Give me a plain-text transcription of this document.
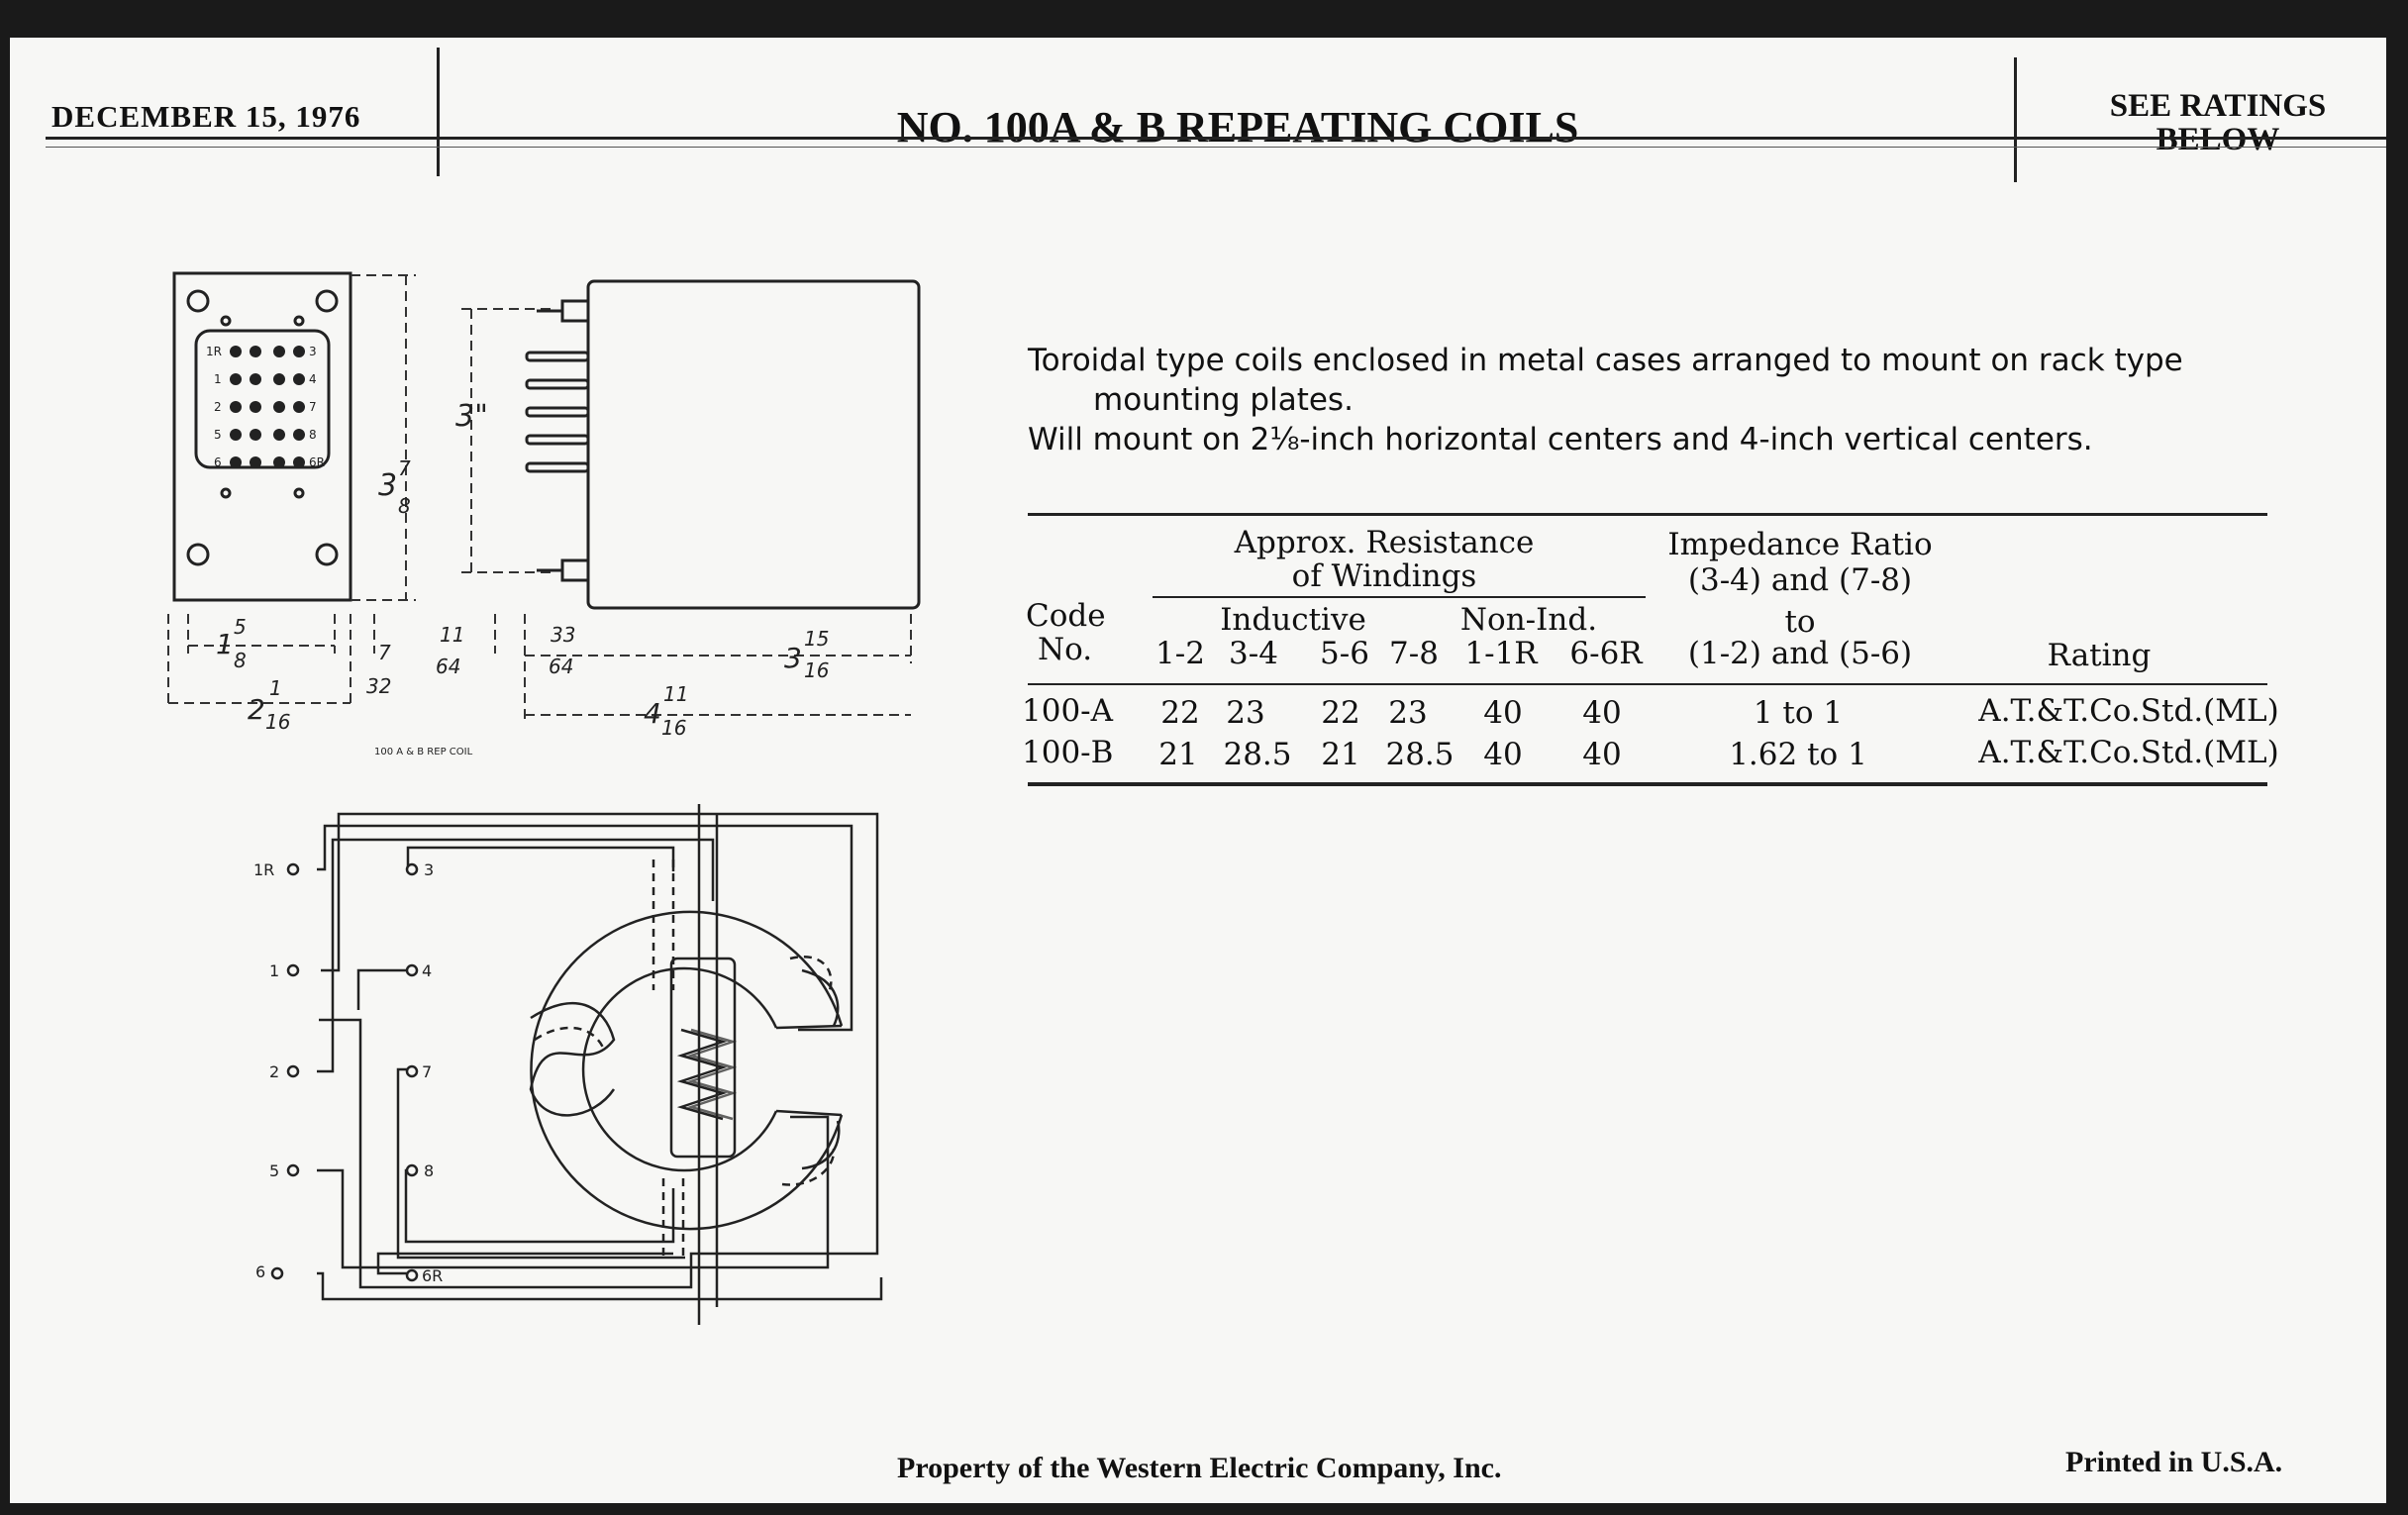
DECEMBER 15, 1976	NO. 100A & B REPEATING COILS	SEE RATINGS
BELOW

Toroidal type coils enclosed in metal cases arranged to mount on rack type

mounting plates.

Will mount on 2⅛-inch horizontal centers and 4-inch vertical centers.

Approx. Resistance
of Windings
Impedance Ratio
(3-4) and (7-8)
to
(1-2) and (5-6)
Inductive	Non-Ind.
Code
No.	Rating
1-2 3-4 5-6 7-8 1-1R 6-6R
100-A 22 23 22 23 40 40	1 to 1	A.T.&T.Co.Std.(ML)
100-B 21 28.5 21 28.5 40 40	1.62 to 1	A.T.&T.Co.Std.(ML)
1R	3
1	4
2	7
5	8
6	6R
3 7
8
3"
1
5
8
2
1
16
7
32
11
64
33
64	3
15
16
4
11
16
100 A & B REP COIL
1R
1
2
5
6
3
4
7
8
6R
Property of the Western Electric Company, Inc.	Printed in U.S.A.
